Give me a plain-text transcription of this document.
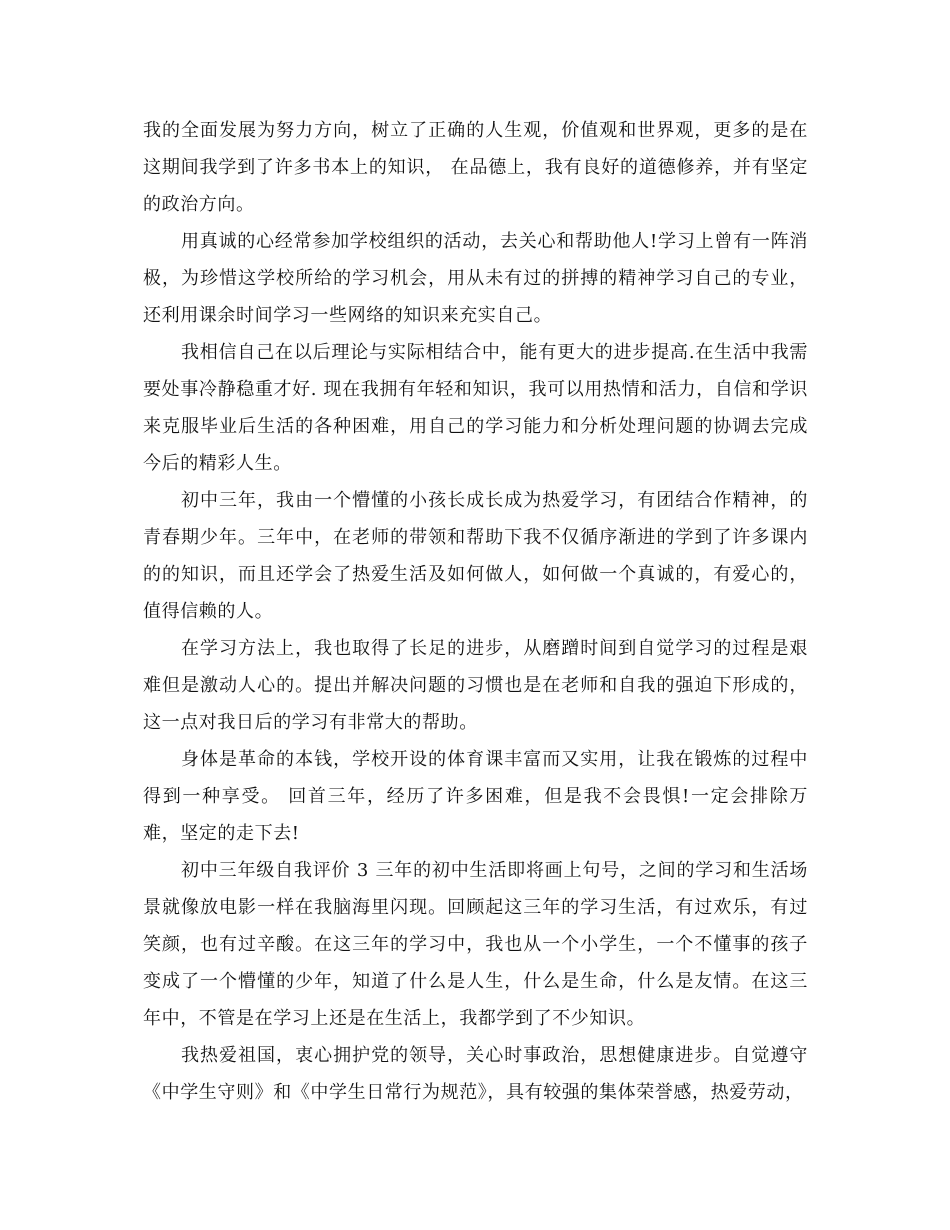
我的全面发展为努力方向，树立了正确的人生观，价值观和世界观，更多的是在这期间我学到了许多书本上的知识， 在品德上，我有良好的道德修养，并有坚定的政治方向。

用真诚的心经常参加学校组织的活动，去关心和帮助他人!学习上曾有一阵消极，为珍惜这学校所给的学习机会，用从未有过的拼搏的精神学习自己的专业，还利用课余时间学习一些网络的知识来充实自己。

我相信自己在以后理论与实际相结合中，能有更大的进步提高.在生活中我需要处事冷静稳重才好. 现在我拥有年轻和知识，我可以用热情和活力，自信和学识来克服毕业后生活的各种困难，用自己的学习能力和分析处理问题的协调去完成今后的精彩人生。

初中三年，我由一个懵懂的小孩长成长成为热爱学习，有团结合作精神，的青春期少年。三年中，在老师的带领和帮助下我不仅循序渐进的学到了许多课内的的知识，而且还学会了热爱生活及如何做人，如何做一个真诚的，有爱心的，值得信赖的人。

在学习方法上，我也取得了长足的进步，从磨蹭时间到自觉学习的过程是艰难但是激动人心的。提出并解决问题的习惯也是在老师和自我的强迫下形成的，这一点对我日后的学习有非常大的帮助。

身体是革命的本钱，学校开设的体育课丰富而又实用，让我在锻炼的过程中得到一种享受。 回首三年，经历了许多困难，但是我不会畏惧!一定会排除万难，坚定的走下去!

初中三年级自我评价 3 三年的初中生活即将画上句号，之间的学习和生活场景就像放电影一样在我脑海里闪现。回顾起这三年的学习生活，有过欢乐，有过笑颜，也有过辛酸。在这三年的学习中，我也从一个小学生，一个不懂事的孩子变成了一个懵懂的少年，知道了什么是人生，什么是生命，什么是友情。在这三年中，不管是在学习上还是在生活上，我都学到了不少知识。

我热爱祖国，衷心拥护党的领导，关心时事政治，思想健康进步。自觉遵守《中学生守则》和《中学生日常行为规范》，具有较强的集体荣誉感，热爱劳动，
